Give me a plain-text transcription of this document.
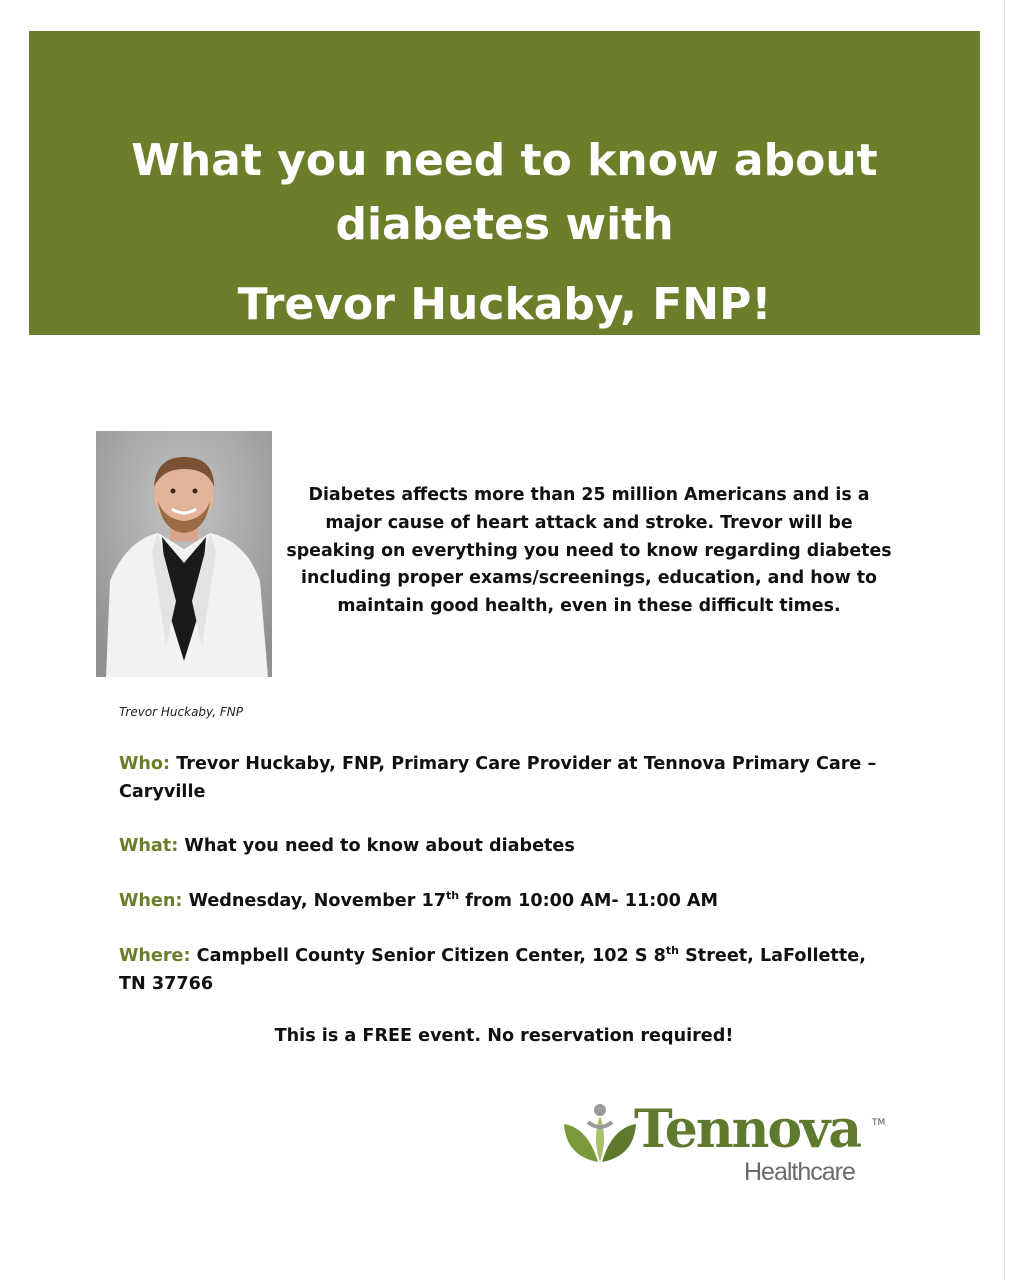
What you need to know about
diabetes with
Trevor Huckaby, FNP!
Trevor Huckaby, FNP
Diabetes affects more than 25 million Americans and is a major cause of heart attack and stroke. Trevor will be speaking on everything you need to know regarding diabetes including proper exams/screenings, education, and how to maintain good health, even in these difficult times.
Who: Trevor Huckaby, FNP, Primary Care Provider at Tennova Primary Care – Caryville
What: What you need to know about diabetes
When: Wednesday, November 17th from 10:00 AM- 11:00 AM
Where: Campbell County Senior Citizen Center, 102 S 8th Street, LaFollette, TN 37766
This is a FREE event. No reservation required!
Tennova TM
Healthcare
